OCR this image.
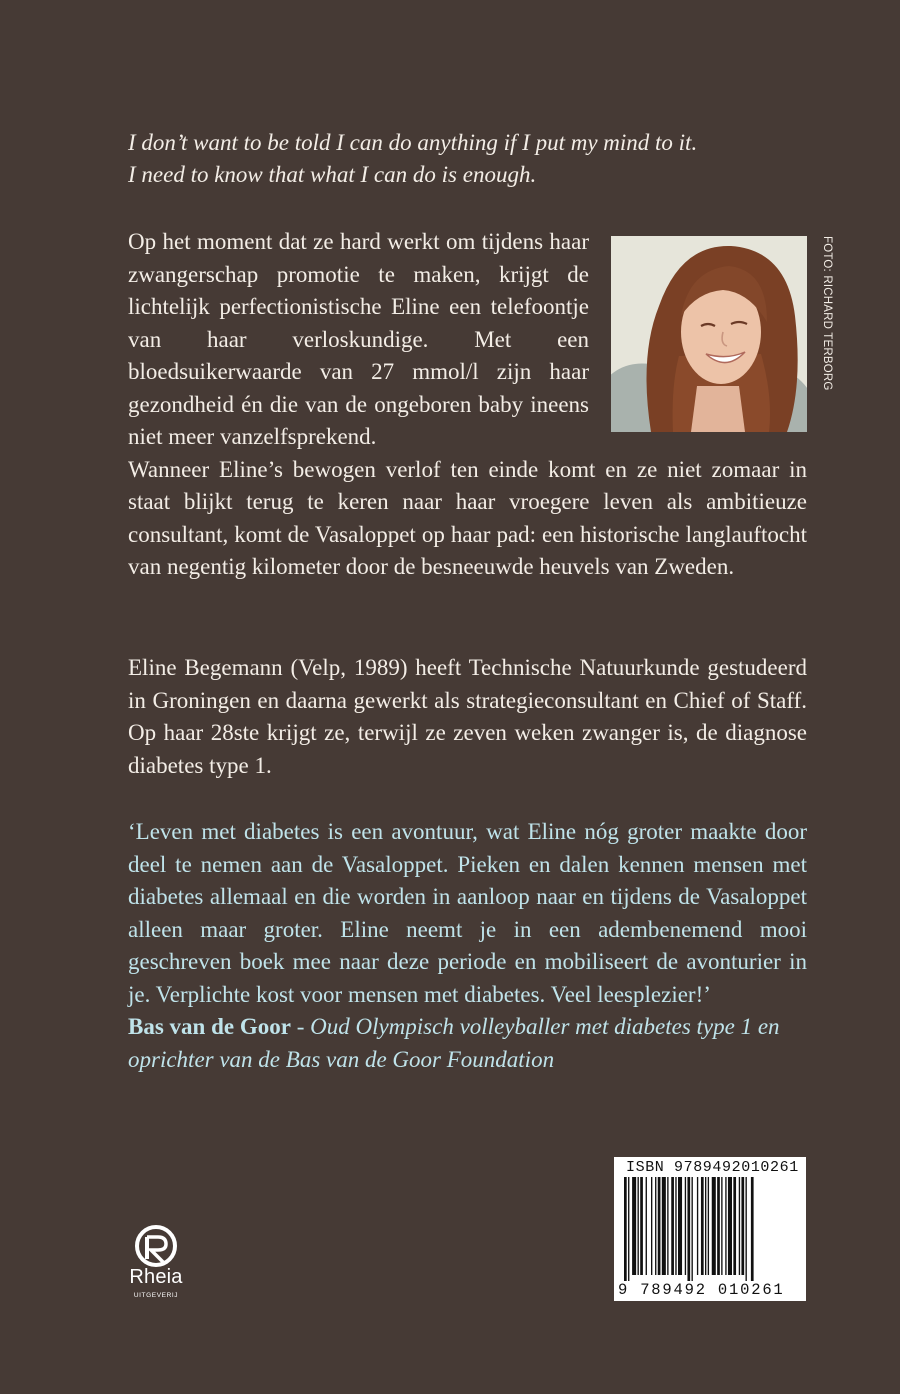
I don’t want to be told I can do anything if I put my mind to it.

I need to know that what I can do is enough.

FOTO: RICHARD TERBORG

Op het moment dat ze hard werkt om tijdens haar zwangerschap promotie te maken, krijgt de lichtelijk perfectionistische Eline een telefoontje van haar verloskundige. Met een bloedsuikerwaarde van 27 mmol/l zijn haar gezondheid én die van de ongeboren baby ineens niet meer vanzelfsprekend.

Wanneer Eline’s bewogen verlof ten einde komt en ze niet zomaar in staat blijkt terug te keren naar haar vroegere leven als ambitieuze consultant, komt de Vasaloppet op haar pad: een historische langlauftocht van negentig kilometer door de besneeuwde heuvels van Zweden.

Eline Begemann (Velp, 1989) heeft Technische Natuurkunde gestudeerd in Groningen en daarna gewerkt als strategieconsultant en Chief of Staff. Op haar 28ste krijgt ze, terwijl ze zeven weken zwanger is, de diagnose diabetes type 1.

‘Leven met diabetes is een avontuur, wat Eline nóg groter maakte door deel te nemen aan de Vasaloppet. Pieken en dalen kennen mensen met diabetes allemaal en die worden in aanloop naar en tijdens de Vasaloppet alleen maar groter. Eline neemt je in een adembenemend mooi geschreven boek mee naar deze periode en mobiliseert de avonturier in je. Verplichte kost voor mensen met diabetes. Veel leesplezier!’

Bas van de Goor - Oud Olympisch volleyballer met diabetes type 1 en oprichter van de Bas van de Goor Foundation

Rheia
UITGEVERIJ
ISBN 9789492010261
9 789492 010261
